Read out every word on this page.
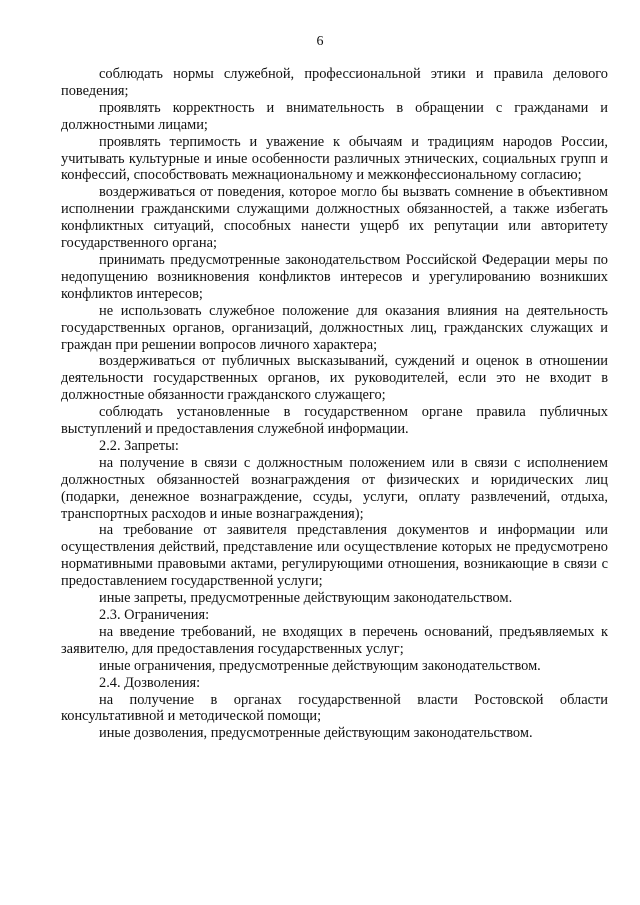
6

соблюдать нормы служебной, профессиональной этики и правила делового поведения;

проявлять корректность и внимательность в обращении с гражданами и должностными лицами;

проявлять терпимость и уважение к обычаям и традициям народов России, учитывать культурные и иные особенности различных этнических, социальных групп и конфессий, способствовать межнациональному и межконфессиональному согласию;

воздерживаться от поведения, которое могло бы вызвать сомнение в объективном исполнении гражданскими служащими должностных обязанностей, а также избегать конфликтных ситуаций, способных нанести ущерб их репутации или авторитету государственного органа;

принимать предусмотренные законодательством Российской Федерации меры по недопущению возникновения конфликтов интересов и урегулированию возникших конфликтов интересов;

не использовать служебное положение для оказания влияния на деятельность государственных органов, организаций, должностных лиц, гражданских служащих и граждан при решении вопросов личного характера;

воздерживаться от публичных высказываний, суждений и оценок в отношении деятельности государственных органов, их руководителей, если это не входит в должностные обязанности гражданского служащего;

соблюдать установленные в государственном органе правила публичных выступлений и предоставления служебной информации.

2.2. Запреты:

на получение в связи с должностным положением или в связи с исполнением должностных обязанностей вознаграждения от физических и юридических лиц (подарки, денежное вознаграждение, ссуды, услуги, оплату развлечений, отдыха, транспортных расходов и иные вознаграждения);

на требование от заявителя представления документов и информации или осуществления действий, представление или осуществление которых не предусмотрено нормативными правовыми актами, регулирующими отношения, возникающие в связи с предоставлением государственной услуги;

иные запреты, предусмотренные действующим законодательством.

2.3. Ограничения:

на введение требований, не входящих в перечень оснований, предъявляемых к заявителю, для предоставления государственных услуг;

иные ограничения, предусмотренные действующим законодательством.

2.4. Дозволения:

на получение в органах государственной власти Ростовской области консультативной и методической помощи;

иные дозволения, предусмотренные действующим законодательством.
